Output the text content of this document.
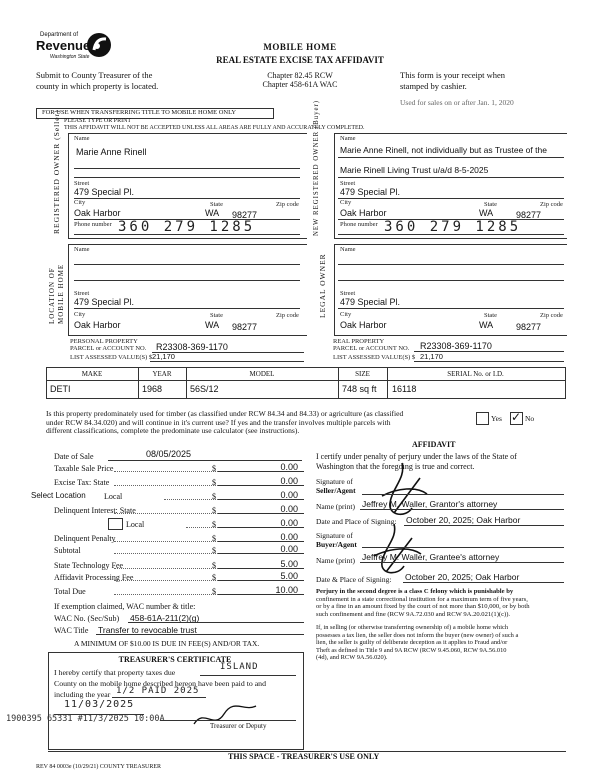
Department of
Revenue
Washington State
Submit to County Treasurer of the
county in which property is located.
MOBILE HOME
REAL ESTATE EXCISE TAX AFFIDAVIT
Chapter 82.45 RCW
Chapter 458-61A WAC
This form is your receipt when
stamped by cashier.
Used for sales on or after Jan. 1, 2020
FOR USE WHEN TRANSFERRING TITLE TO MOBILE HOME ONLY
PLEASE TYPE OR PRINT
THIS AFFIDAVIT WILL NOT BE ACCEPTED UNLESS ALL AREAS ARE FULLY AND ACCURATELY COMPLETED.
REGISTERED OWNER (Seller) Name
Marie Anne Rinell
Street
479 Special Pl.
City	State	Zip code
Oak Harbor	WA 98277
Phone number 360 279 1285	NEW REGISTERED OWNER (Buyer)	Name
Marie Anne Rinell, not individually but as Trustee of the
Marie Rinell Living Trust u/a/d 8-5-2025
Street
479 Special Pl.
City	State	Zip code
Oak Harbor	WA	98277
Phone number 360 279 1285
LOCATION OF MOBILE HOME
Name
Street
479 Special Pl.
City	State	Zip code
Oak Harbor	WA 98277
LEGAL OWNER
Name
Street
479 Special Pl.
City	State	Zip code
Oak Harbor	WA	98277
PERSONAL PROPERTY
PARCEL or ACCOUNT NO. R23308-369-1170
LIST ASSESSED VALUE(S) $ 21,170
REAL PROPERTY
PARCEL or ACCOUNT NO. R23308-369-1170
LIST ASSESSED VALUE(S) $ 21,170
MAKE	YEAR	MODEL	SIZE	SERIAL No. or I.D.
DETI	1968	56S/12	748 sq ft 16118
Is this property predominately used for timber (as classified under RCW 84.34 and 84.33) or agriculture (as classified
under RCW 84.34.020) and will continue in it's current use? If yes and the transfer involves multiple parcels with
different classifications, complete the predominate use calculator (see instructions).
Yes ✓ No
Date of Sale	08/05/2025
Taxable Sale Price	$	0.00
Excise Tax: State	$	0.00
Local	$	0.00
Delinquent Interest: State	$	0.00
Local	$	0.00
Delinquent Penalty	$	0.00
Subtotal	$	0.00
State Technology Fee	$	5.00
Affidavit Processing Fee	$	5.00
Total Due	$	10.00
Select Location
If exemption claimed, WAC number & title:
WAC No. (Sec/Sub) 458-61A-211(2)(g)
WAC Title Transfer to revocable trust
A MINIMUM OF $10.00 IS DUE IN FEE(S) AND/OR TAX.
AFFIDAVIT
I certify under penalty of perjury under the laws of the State of
Washington that the foregoing is true and correct.
Signature of
Seller/Agent
Name (print) Jeffrey M. Waller, Grantor's attorney
Date and Place of Signing: October 20, 2025; Oak Harbor
Signature of
Buyer/Agent
Name (print) Jeffrey M. Waller, Grantee's attorney
Date & Place of Signing: October 20, 2025; Oak Harbor
Perjury in the second degree is a class C felony which is punishable by
confinement in a state correctional institution for a maximum term of five years,
or by a fine in an amount fixed by the court of not more than $10,000, or by both
such confinement and fine (RCW 9A.72.030 and RCW 9A.20.021(1)(c)).
If, in selling (or otherwise transferring ownership of) a mobile home which
possesses a tax lien, the seller does not inform the buyer (new owner) of such a
lien, the seller is guilty of deliberate deception as it applies to Fraud and/or
Theft as defined in Title 9 and 9A RCW (RCW 9.45.060, RCW 9A.56.010
(4d), and RCW 9A.56.020).
TREASURER'S CERTIFICATE
I hereby certify that property taxes due
ISLAND
County on the mobile home described hereon have been paid to and
including the year 1/2 PAID 2025
11/03/2025
1900395 65331 #11/3/2025 10:00A
Treasurer or Deputy
THIS SPACE - TREASURER'S USE ONLY
REV 84 0003e (10/29/21) COUNTY TREASURER
